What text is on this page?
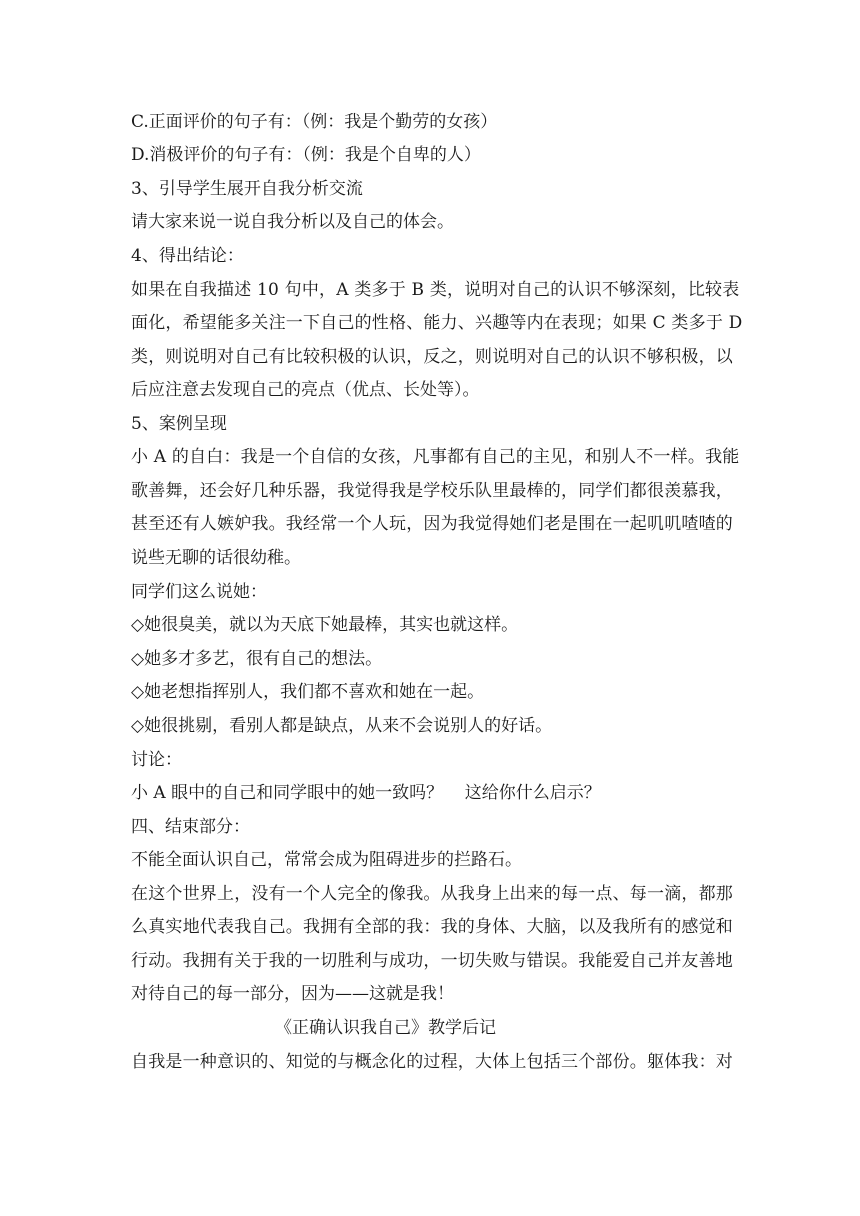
C.正面评价的句子有：（例：我是个勤劳的女孩）
D.消极评价的句子有：（例：我是个自卑的人）
3、引导学生展开自我分析交流
请大家来说一说自我分析以及自己的体会。
4、得出结论：
如果在自我描述 10 句中，A 类多于 B 类，说明对自己的认识不够深刻，比较表
面化，希望能多关注一下自己的性格、能力、兴趣等内在表现；如果 C 类多于 D
类，则说明对自己有比较积极的认识，反之，则说明对自己的认识不够积极，以
后应注意去发现自己的亮点（优点、长处等）。
5、案例呈现
小 A 的自白：我是一个自信的女孩，凡事都有自己的主见，和别人不一样。我能
歌善舞，还会好几种乐器，我觉得我是学校乐队里最棒的，同学们都很羡慕我，
甚至还有人嫉妒我。我经常一个人玩，因为我觉得她们老是围在一起叽叽喳喳的
说些无聊的话很幼稚。
同学们这么说她：
◇她很臭美，就以为天底下她最棒，其实也就这样。
◇她多才多艺，很有自己的想法。
◇她老想指挥别人，我们都不喜欢和她在一起。
◇她很挑剔，看别人都是缺点，从来不会说别人的好话。
讨论：
小 A 眼中的自己和同学眼中的她一致吗？    这给你什么启示？
四、结束部分：
不能全面认识自己，常常会成为阻碍进步的拦路石。
在这个世界上，没有一个人完全的像我。从我身上出来的每一点、每一滴，都那
么真实地代表我自己。我拥有全部的我：我的身体、大脑，以及我所有的感觉和
行动。我拥有关于我的一切胜利与成功，一切失败与错误。我能爱自己并友善地
对待自己的每一部分，因为——这就是我！
《正确认识我自己》教学后记
自我是一种意识的、知觉的与概念化的过程，大体上包括三个部份。躯体我：对
